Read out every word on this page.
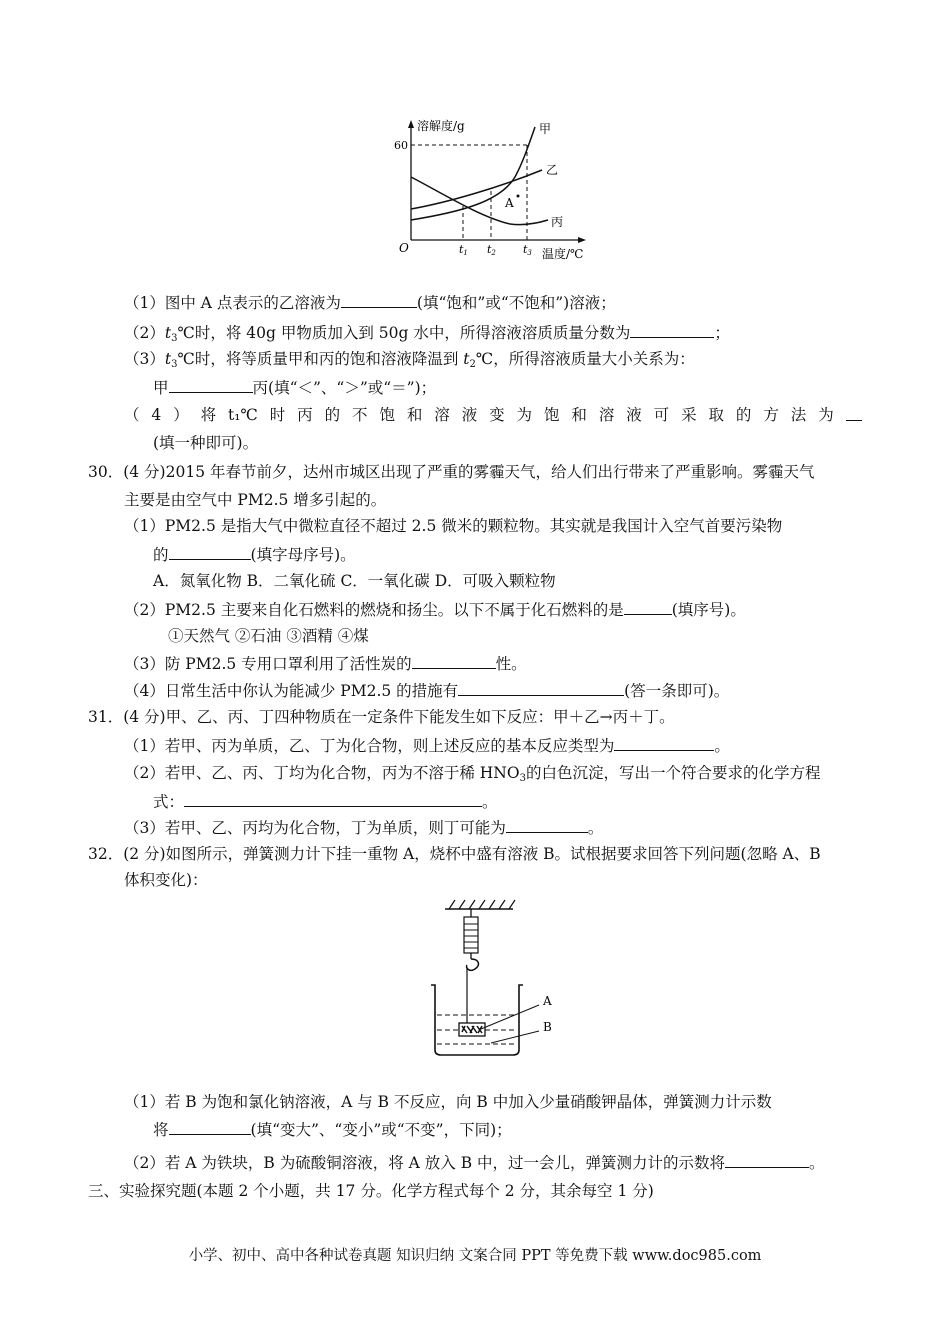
溶解度/g
60
O
A
甲
乙
丙
t1 t2 t3 温度/℃
（1）图中 A 点表示的乙溶液为	(填“饱和”或“不饱和”)溶液；
$(2)t_3℃$时，将 40g 甲物质加入到 50g 水中，所得溶液溶质质量分数为	；
$(3)t_3℃$时，将等质量甲和丙的饱和溶液降温到 $t_2℃$，所得溶液质量大小关系为：
甲	丙(填“＜”、“＞”或“＝”)；
（ 4 ） 将 t₁℃ 时 丙 的 不 饱 和 溶 液 变 为 饱 和 溶 液 可 采 取 的 方 法 为
(填一种即可)。
30．(4 分)2015 年春节前夕，达州市城区出现了严重的雾霾天气，给人们出行带来了严重影响。雾霾天气
主要是由空气中 PM2.5 增多引起的。
（1）PM2.5 是指大气中微粒直径不超过 2.5 微米的颗粒物。其实就是我国计入空气首要污染物
的	(填字母序号)。
A．氮氧化物 B．二氧化硫 C．一氧化碳 D．可吸入颗粒物
（2）PM2.5 主要来自化石燃料的燃烧和扬尘。以下不属于化石燃料的是	(填序号)。
①天然气 ②石油 ③酒精 ④煤
（3）防 PM2.5 专用口罩利用了活性炭的	性。
（4）日常生活中你认为能减少 PM2.5 的措施有	(答一条即可)。
31．(4 分)甲、乙、丙、丁四种物质在一定条件下能发生如下反应：甲＋乙→丙＋丁。
（1）若甲、丙为单质，乙、丁为化合物，则上述反应的基本反应类型为	。
（2）若甲、乙、丙、丁均为化合物，丙为不溶于稀 $HNO_3$的白色沉淀，写出一个符合要求的化学方程
式：	。
（3）若甲、乙、丙均为化合物，丁为单质，则丁可能为	。
32．(2 分)如图所示，弹簧测力计下挂一重物 A，烧杯中盛有溶液 B。试根据要求回答下列问题(忽略 A、B
体积变化)：
A
B
（1）若 B 为饱和氯化钠溶液，A 与 B 不反应，向 B 中加入少量硝酸钾晶体，弹簧测力计示数
将	(填“变大”、“变小”或“不变”，下同)；
（2）若 A 为铁块，B 为硫酸铜溶液，将 A 放入 B 中，过一会儿，弹簧测力计的示数将	。
三、实验探究题(本题 2 个小题，共 17 分。化学方程式每个 2 分，其余每空 1 分)
小学、初中、高中各种试卷真题 知识归纳 文案合同 PPT 等免费下载 www.doc985.com
